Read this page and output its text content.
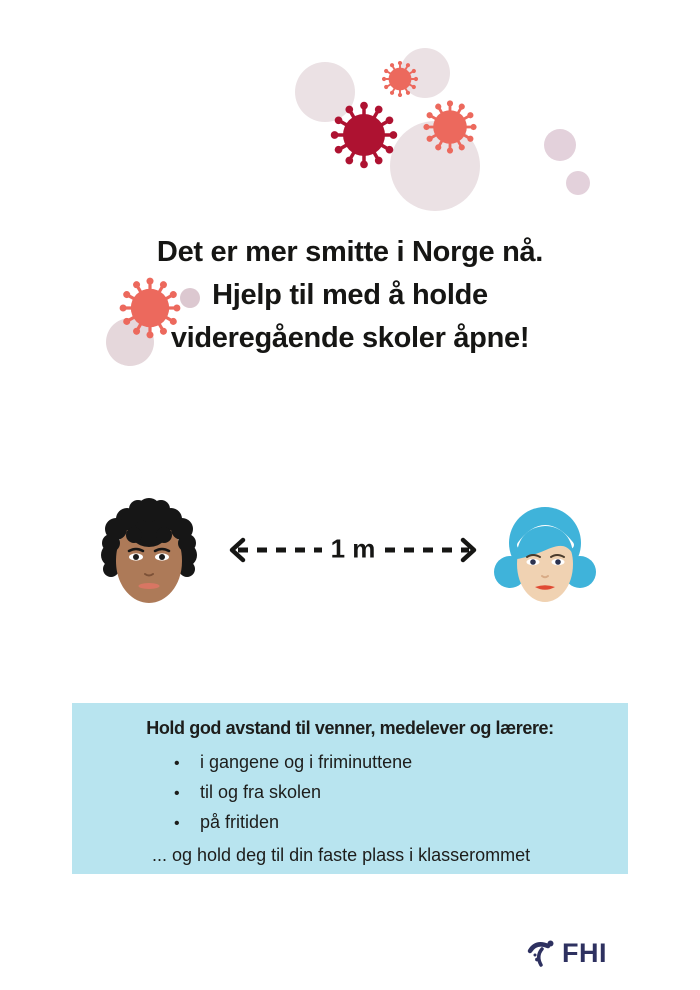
Det er mer smitte i Norge nå.
Hjelp til med å holde
videregående skoler åpne!
1 m
Hold god avstand til venner, medelever og lærere:
•	i gangene og i friminuttene
•	til og fra skolen
•	på fritiden
... og hold deg til din faste plass i klasserommet
FHI
